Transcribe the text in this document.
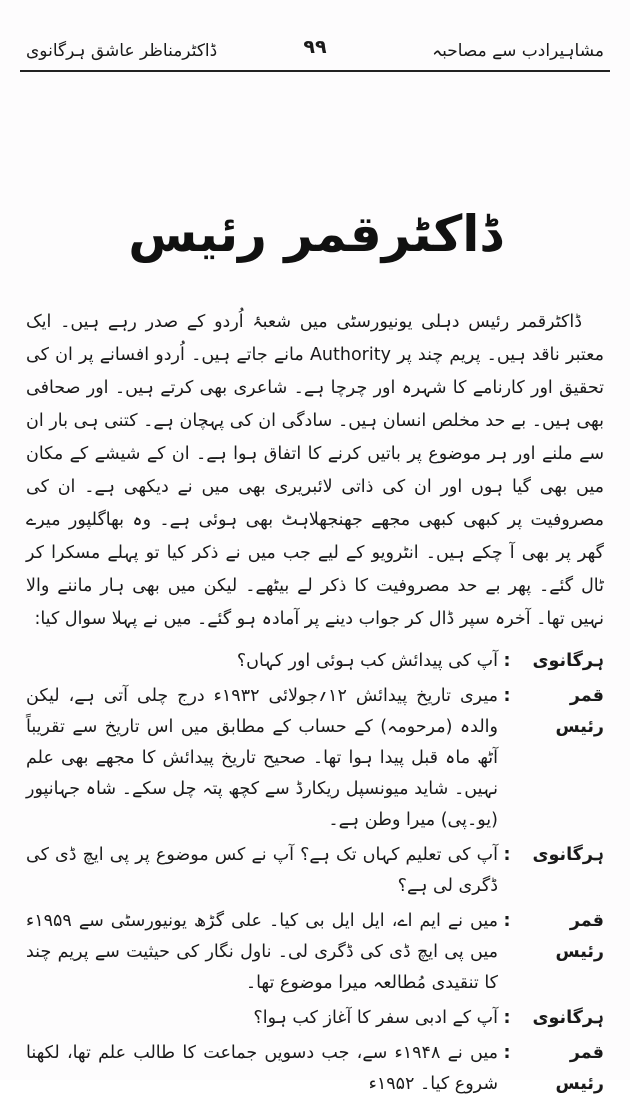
مشاہیرادب سے مصاحبہ
۹۹
ڈاکٹرمناظر عاشق ہرگانوی
ڈاکٹرقمر رئیس

ڈاکٹرقمر رئیس دہلی یونیورسٹی میں شعبۂ اُردو کے صدر رہے ہیں۔ ایک معتبر ناقد ہیں۔ پریم چند پر Authority مانے جاتے ہیں۔ اُردو افسانے پر ان کی تحقیق اور کارنامے کا شہرہ اور چرچا ہے۔ شاعری بھی کرتے ہیں۔ اور صحافی بھی ہیں۔ بے حد مخلص انسان ہیں۔ سادگی ان کی پہچان ہے۔ کتنی ہی بار ان سے ملنے اور ہر موضوع پر باتیں کرنے کا اتفاق ہوا ہے۔ ان کے شیشے کے مکان میں بھی گیا ہوں اور ان کی ذاتی لائبریری بھی میں نے دیکھی ہے۔ ان کی مصروفیت پر کبھی کبھی مجھے جھنجھلاہٹ بھی ہوئی ہے۔ وہ بھاگلپور میرے گھر پر بھی آ چکے ہیں۔ انٹرویو کے لیے جب میں نے ذکر کیا تو پہلے مسکرا کر ٹال گئے۔ پھر بے حد مصروفیت کا ذکر لے بیٹھے۔ لیکن میں بھی ہار ماننے والا نہیں تھا۔ آخرہ سپر ڈال کر جواب دینے پر آمادہ ہو گئے۔ میں نے پہلا سوال کیا:

ہرگانوی
:
آپ کی پیدائش کب ہوئی اور کہاں؟
قمر رئیس
:
میری تاریخ پیدائش ۱۲؍جولائی ۱۹۳۲ء درج چلی آتی ہے، لیکن والدہ (مرحومہ) کے حساب کے مطابق میں اس تاریخ سے تقریباً آٹھ ماہ قبل پیدا ہوا تھا۔ صحیح تاریخ پیدائش کا مجھے بھی علم نہیں۔ شاید میونسپل ریکارڈ سے کچھ پتہ چل سکے۔ شاہ جہانپور (یو۔پی) میرا وطن ہے۔
ہرگانوی
:
آپ کی تعلیم کہاں تک ہے؟ آپ نے کس موضوع پر پی ایچ ڈی کی ڈگری لی ہے؟
قمر رئیس
:
میں نے ایم اے، ایل ایل بی کیا۔ علی گڑھ یونیورسٹی سے ۱۹۵۹ء میں پی ایچ ڈی کی ڈگری لی۔ ناول نگار کی حیثیت سے پریم چند کا تنقیدی مُطالعہ میرا موضوع تھا۔
ہرگانوی
:
آپ کے ادبی سفر کا آغاز کب ہوا؟
قمر رئیس
:
میں نے ۱۹۴۸ء سے، جب دسویں جماعت کا طالب علم تھا، لکھنا شروع کیا۔ ۱۹۵۲ء
